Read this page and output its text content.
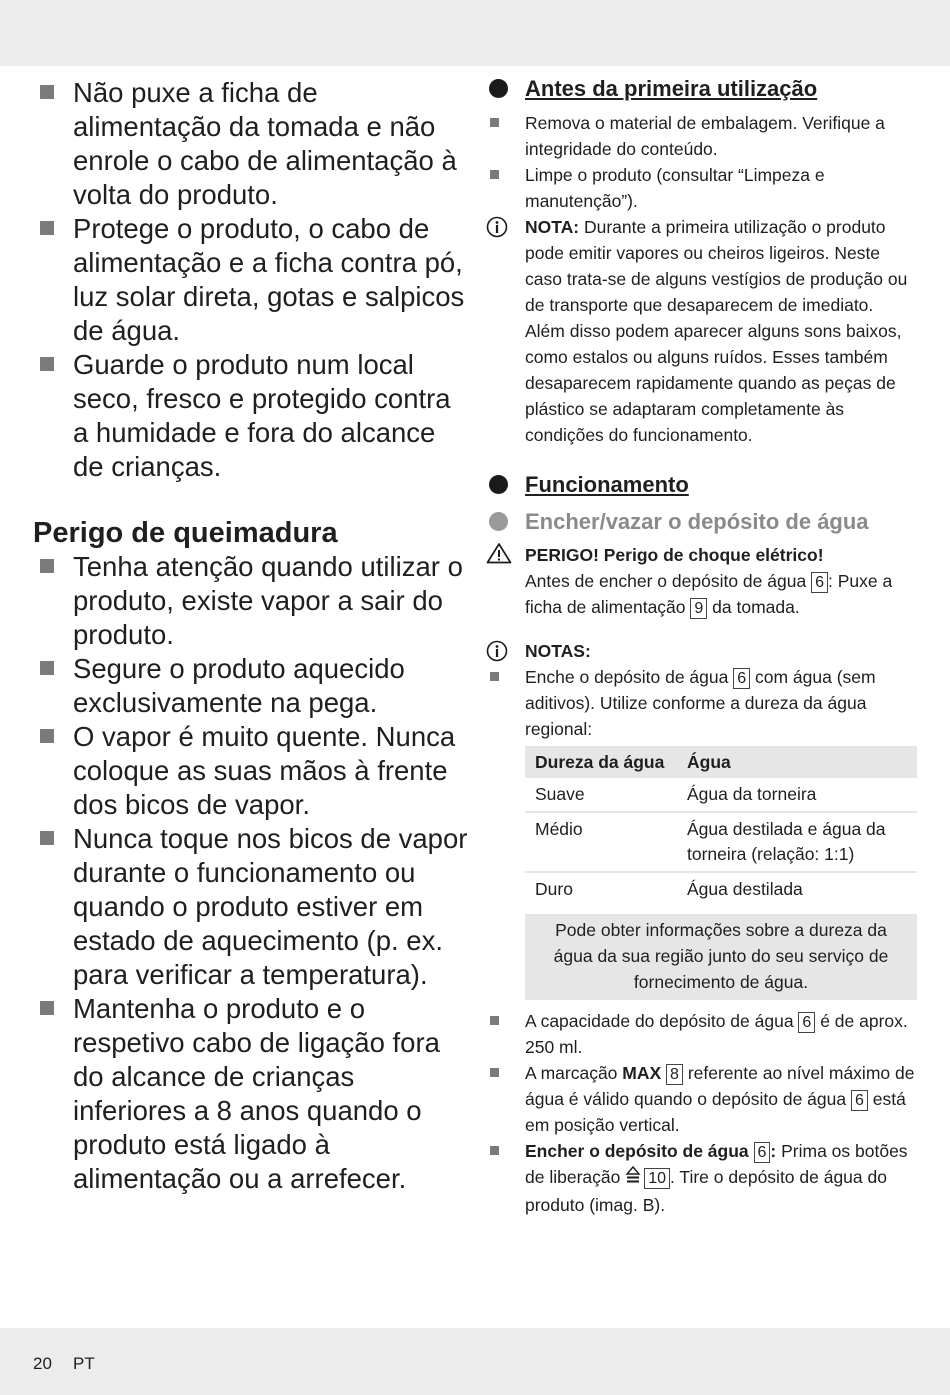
Não puxe a ficha de alimentação da tomada e não enrole o cabo de alimentação à volta do produto.
Protege o produto, o cabo de alimentação e a ficha contra pó, luz solar direta, gotas e salpicos de água.
Guarde o produto num local seco, fresco e protegido contra a humidade e fora do alcance de crianças.
Perigo de queimadura
Tenha atenção quando utilizar o produto, existe vapor a sair do produto.
Segure o produto aquecido exclusivamente na pega.
O vapor é muito quente. Nunca coloque as suas mãos à frente dos bicos de vapor.
Nunca toque nos bicos de vapor durante o funcionamento ou quando o produto estiver em estado de aquecimento (p. ex. para verificar a temperatura).
Mantenha o produto e o respetivo cabo de ligação fora do alcance de crianças inferiores a 8 anos quando o produto está ligado à alimentação ou a arrefecer.
Antes da primeira utilização
Remova o material de embalagem. Verifique a integridade do conteúdo.
Limpe o produto (consultar “Limpeza e manutenção”).
NOTA: Durante a primeira utilização o produto pode emitir vapores ou cheiros ligeiros. Neste caso trata-se de alguns vestígios de produção ou de transporte que desaparecem de imediato. Além disso podem aparecer alguns sons baixos, como estalos ou alguns ruídos. Esses também desaparecem rapidamente quando as peças de plástico se adaptaram completamente às condições do funcionamento.
Funcionamento
Encher/vazar o depósito de água
PERIGO! Perigo de choque elétrico!
Antes de encher o depósito de água 6 : Puxe a ficha de alimentação 9 da tomada.
NOTAS:
Enche o depósito de água 6 com água (sem aditivos). Utilize conforme a dureza da água regional:
Dureza da água	Água
Suave	Água da torneira
Médio	Água destilada e água da torneira (relação: 1:1)
Duro	Água destilada
Pode obter informações sobre a dureza da água da sua região junto do seu serviço de fornecimento de água.
A capacidade do depósito de água 6 é de aprox. 250 ml.
A marcação MAX 8 referente ao nível máximo de água é válido quando o depósito de água 6 está em posição vertical.
Encher o depósito de água 6 : Prima os botões de liberação 10 . Tire o depósito de água do produto (imag. B).
20 PT
